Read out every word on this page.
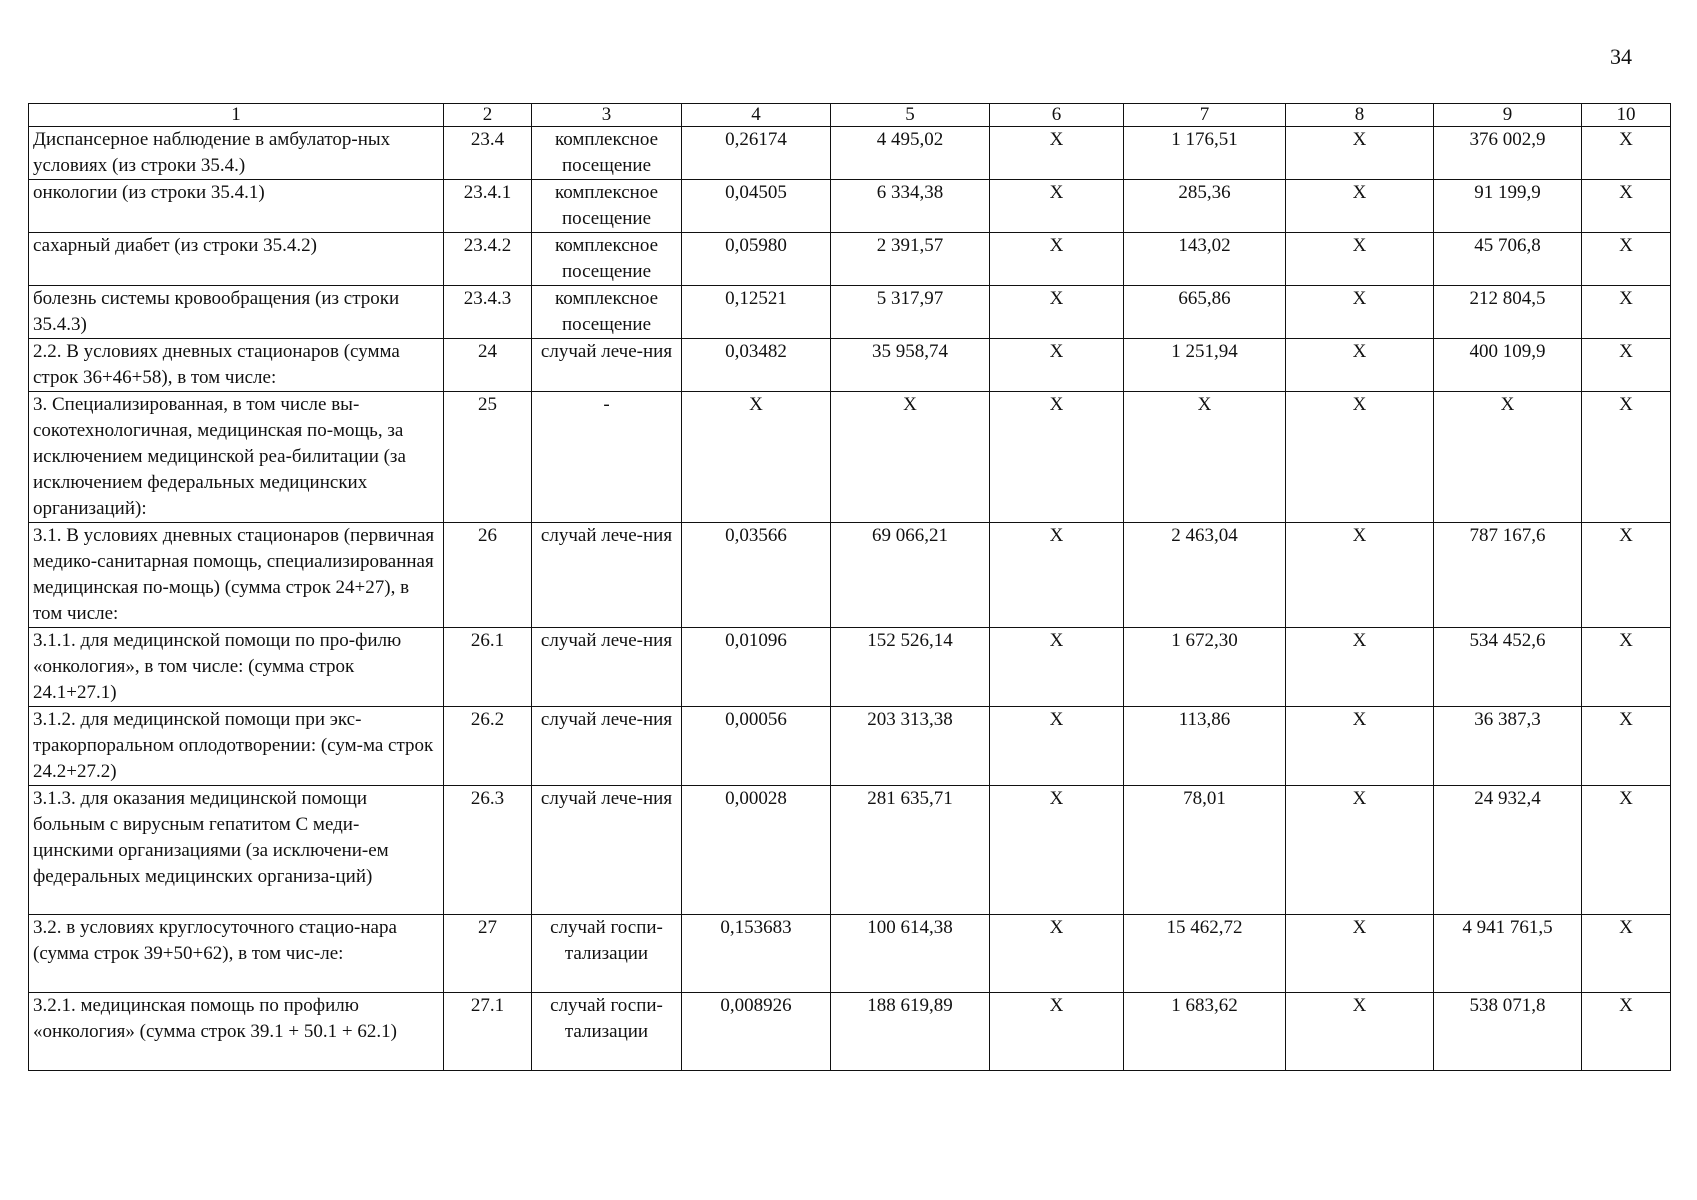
34
1	2	3	4	5	6	7	8	9	10
Диспансерное наблюдение в амбулатор-ных условиях (из строки 35.4.)	23.4	комплексное посещение	0,26174	4 495,02	X	1 176,51	X	376 002,9	X
онкологии (из строки 35.4.1)	23.4.1	комплексное посещение	0,04505	6 334,38	X	285,36	X	91 199,9	X
сахарный диабет (из строки 35.4.2)	23.4.2	комплексное посещение	0,05980	2 391,57	X	143,02	X	45 706,8	X
болезнь системы кровообращения (из строки 35.4.3)	23.4.3	комплексное посещение	0,12521	5 317,97	X	665,86	X	212 804,5	X
2.2. В условиях дневных стационаров (сумма строк 36+46+58), в том числе:	24	случай лече-ния	0,03482	35 958,74	X	1 251,94	X	400 109,9	X
3. Специализированная, в том числе вы-сокотехнологичная, медицинская по-мощь, за исключением медицинской реа-билитации (за исключением федеральных медицинских организаций):	25	-	X	X	X	X	X	X	X
3.1. В условиях дневных стационаров (первичная медико-санитарная помощь, специализированная медицинская по-мощь) (сумма строк 24+27), в том числе:	26	случай лече-ния	0,03566	69 066,21	X	2 463,04	X	787 167,6	X
3.1.1. для медицинской помощи по про-филю «онкология», в том числе: (сумма строк 24.1+27.1)	26.1	случай лече-ния	0,01096	152 526,14	X	1 672,30	X	534 452,6	X
3.1.2. для медицинской помощи при экс-тракорпоральном оплодотворении: (сум-ма строк 24.2+27.2)	26.2	случай лече-ния	0,00056	203 313,38	X	113,86	X	36 387,3	X
3.1.3. для оказания медицинской помощи больным с вирусным гепатитом С меди-цинскими организациями (за исключени-ем федеральных медицинских организа-ций)	26.3	случай лече-ния	0,00028	281 635,71	X	78,01	X	24 932,4	X
3.2. в условиях круглосуточного стацио-нара (сумма строк 39+50+62), в том чис-ле:	27	случай госпи-тализации	0,153683	100 614,38	X	15 462,72	X	4 941 761,5	X
3.2.1. медицинская помощь по профилю «онкология» (сумма строк 39.1 + 50.1 + 62.1)	27.1	случай госпи-тализации	0,008926	188 619,89	X	1 683,62	X	538 071,8	X
